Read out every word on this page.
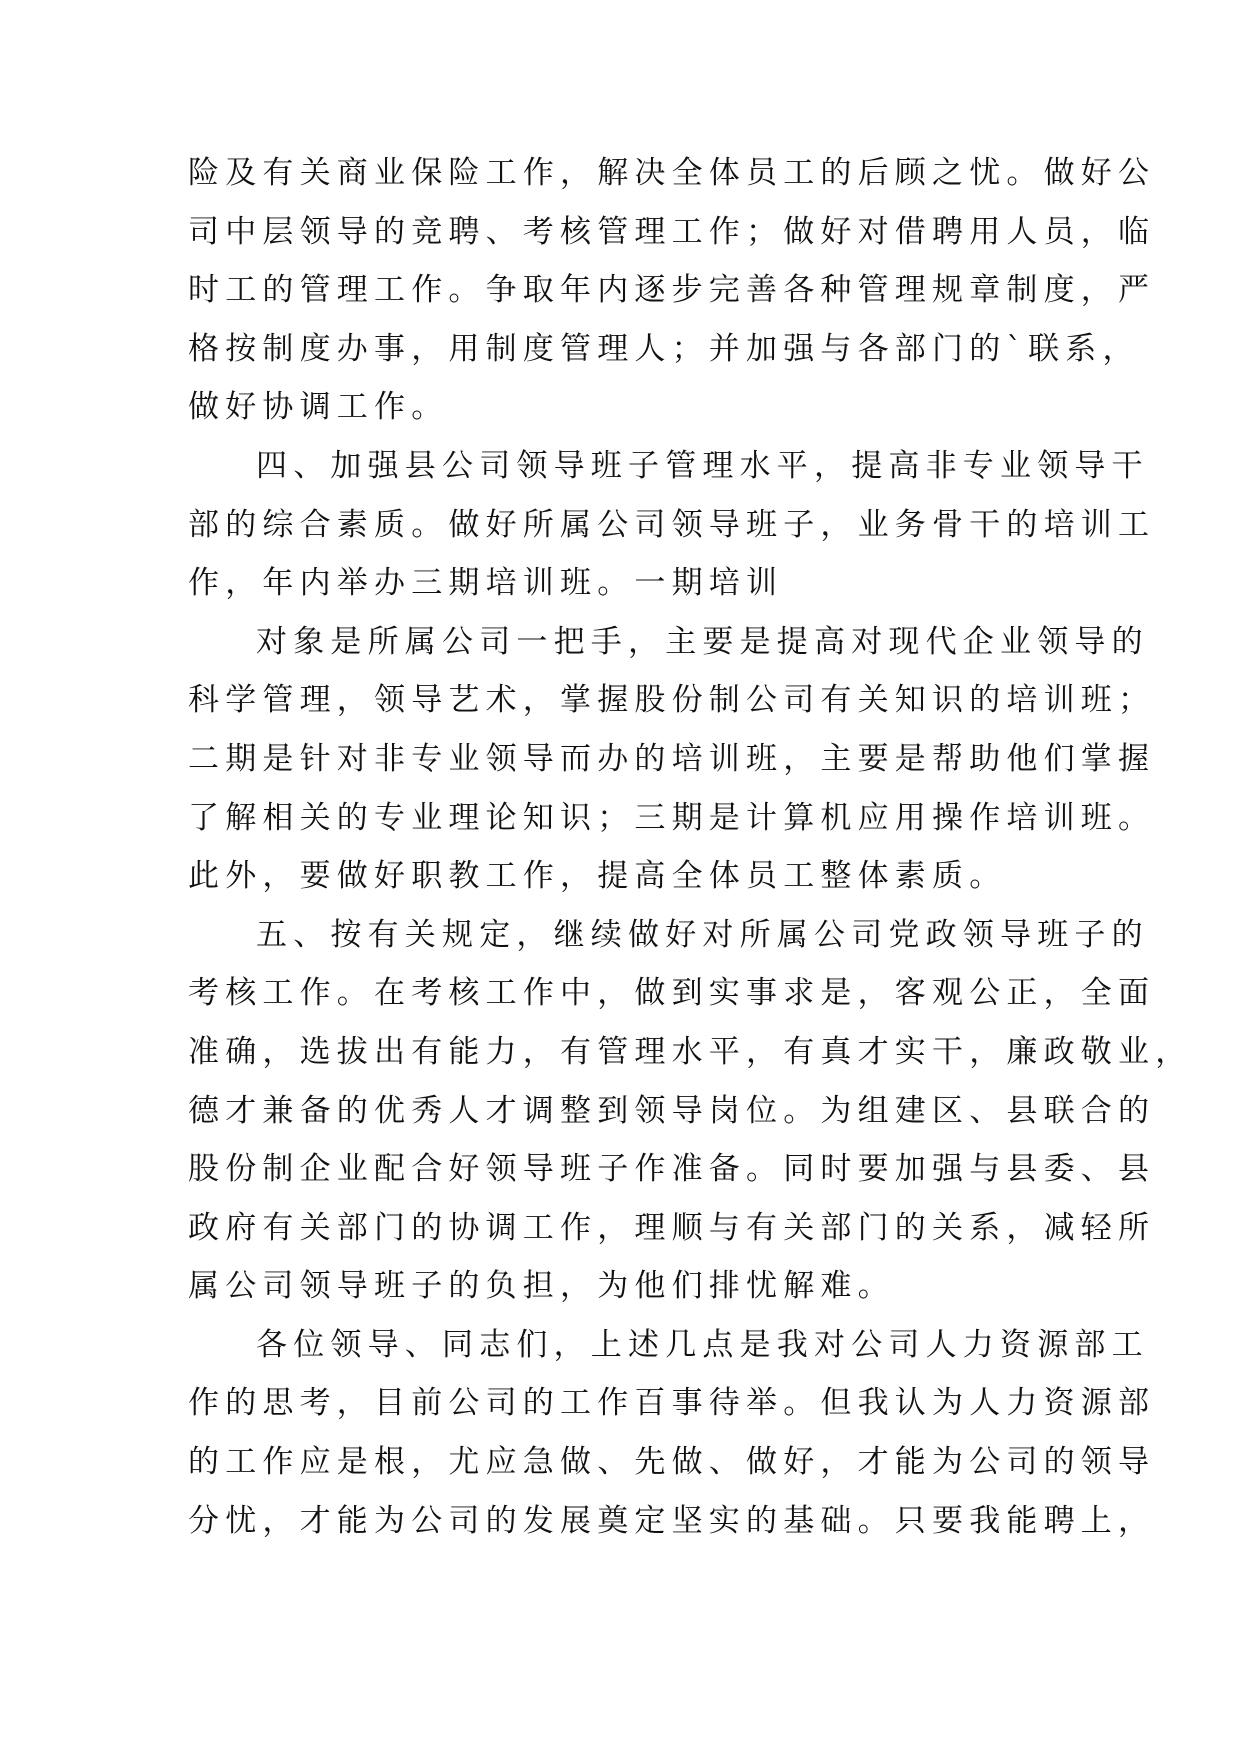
险及有关商业保险工作，解决全体员工的后顾之忧。做好公
司中层领导的竞聘、考核管理工作；做好对借聘用人员，临
时工的管理工作。争取年内逐步完善各种管理规章制度，严
格按制度办事，用制度管理人；并加强与各部门的`联系，
做好协调工作。
四、加强县公司领导班子管理水平，提高非专业领导干
部的综合素质。做好所属公司领导班子，业务骨干的培训工
作，年内举办三期培训班。一期培训
对象是所属公司一把手，主要是提高对现代企业领导的
科学管理，领导艺术，掌握股份制公司有关知识的培训班；
二期是针对非专业领导而办的培训班，主要是帮助他们掌握
了解相关的专业理论知识；三期是计算机应用操作培训班。
此外，要做好职教工作，提高全体员工整体素质。
五、按有关规定，继续做好对所属公司党政领导班子的
考核工作。在考核工作中，做到实事求是，客观公正，全面
准确，选拔出有能力，有管理水平，有真才实干，廉政敬业，
德才兼备的优秀人才调整到领导岗位。为组建区、县联合的
股份制企业配合好领导班子作准备。同时要加强与县委、县
政府有关部门的协调工作，理顺与有关部门的关系，减轻所
属公司领导班子的负担，为他们排忧解难。
各位领导、同志们，上述几点是我对公司人力资源部工
作的思考，目前公司的工作百事待举。但我认为人力资源部
的工作应是根，尤应急做、先做、做好，才能为公司的领导
分忧，才能为公司的发展奠定坚实的基础。只要我能聘上，
